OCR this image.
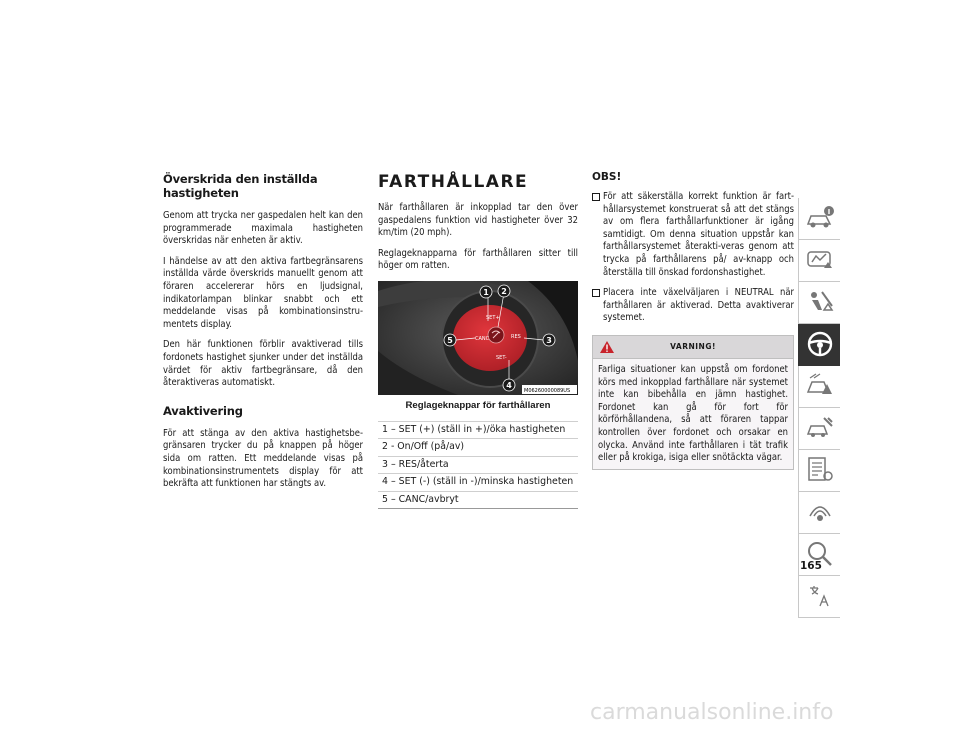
Överskrida den inställda hastigheten

Genom att trycka ner gaspedalen helt kan den programmerade maximala hastigheten överskridas när enheten är aktiv.

I händelse av att den aktiva fartbegränsarens inställda värde överskrids manuellt genom att föraren accelererar hörs en ljudsignal, indikatorlampan blinkar snabbt och ett meddelande visas på kombinationsinstru-mentets display.

Den här funktionen förblir avaktiverad tills fordonets hastighet sjunker under det inställda värdet för aktiv fartbegränsare, då den återaktiveras automatiskt.

Avaktivering

För att stänga av den aktiva hastighetsbe-gränsaren trycker du på knappen på höger sida om ratten. Ett meddelande visas på kombinationsinstrumentets display för att bekräfta att funktionen har stängts av.

FARTHÅLLARE

När farthållaren är inkopplad tar den över gaspedalens funktion vid hastigheter över 32 km/tim (20 mph).

Reglageknapparna för farthållaren sitter till höger om ratten.

SET+
CANC	RES
SET-
1 2
3
4
5
M06260000089US
Reglageknappar för farthållaren
1 – SET (+) (ställ in +)/öka hastigheten
2 - On/Off (på/av)
3 – RES/återta
4 – SET (-) (ställ in -)/minska hastigheten
5 – CANC/avbryt
OBS!

För att säkerställa korrekt funktion är fart-hållarsystemet konstruerat så att det stängs av om flera farthållarfunktioner är igång samtidigt. Om denna situation uppstår kan farthållarsystemet återakti-veras genom att trycka på farthållarens på/ av-knapp och återställa till önskad fordonshastighet.

Placera inte växelväljaren i NEUTRAL när farthållaren är aktiverad. Detta avaktiverar systemet.

VARNING!

Farliga situationer kan uppstå om fordonet körs med inkopplad farthållare när systemet inte kan bibehålla en jämn hastighet. Fordonet kan gå för fort för körförhållandena, så att föraren tappar kontrollen över fordonet och orsakar en olycka. Använd inte farthållaren i tät trafik eller på krokiga, isiga eller snötäckta vägar.

165
carmanualsonline.info
